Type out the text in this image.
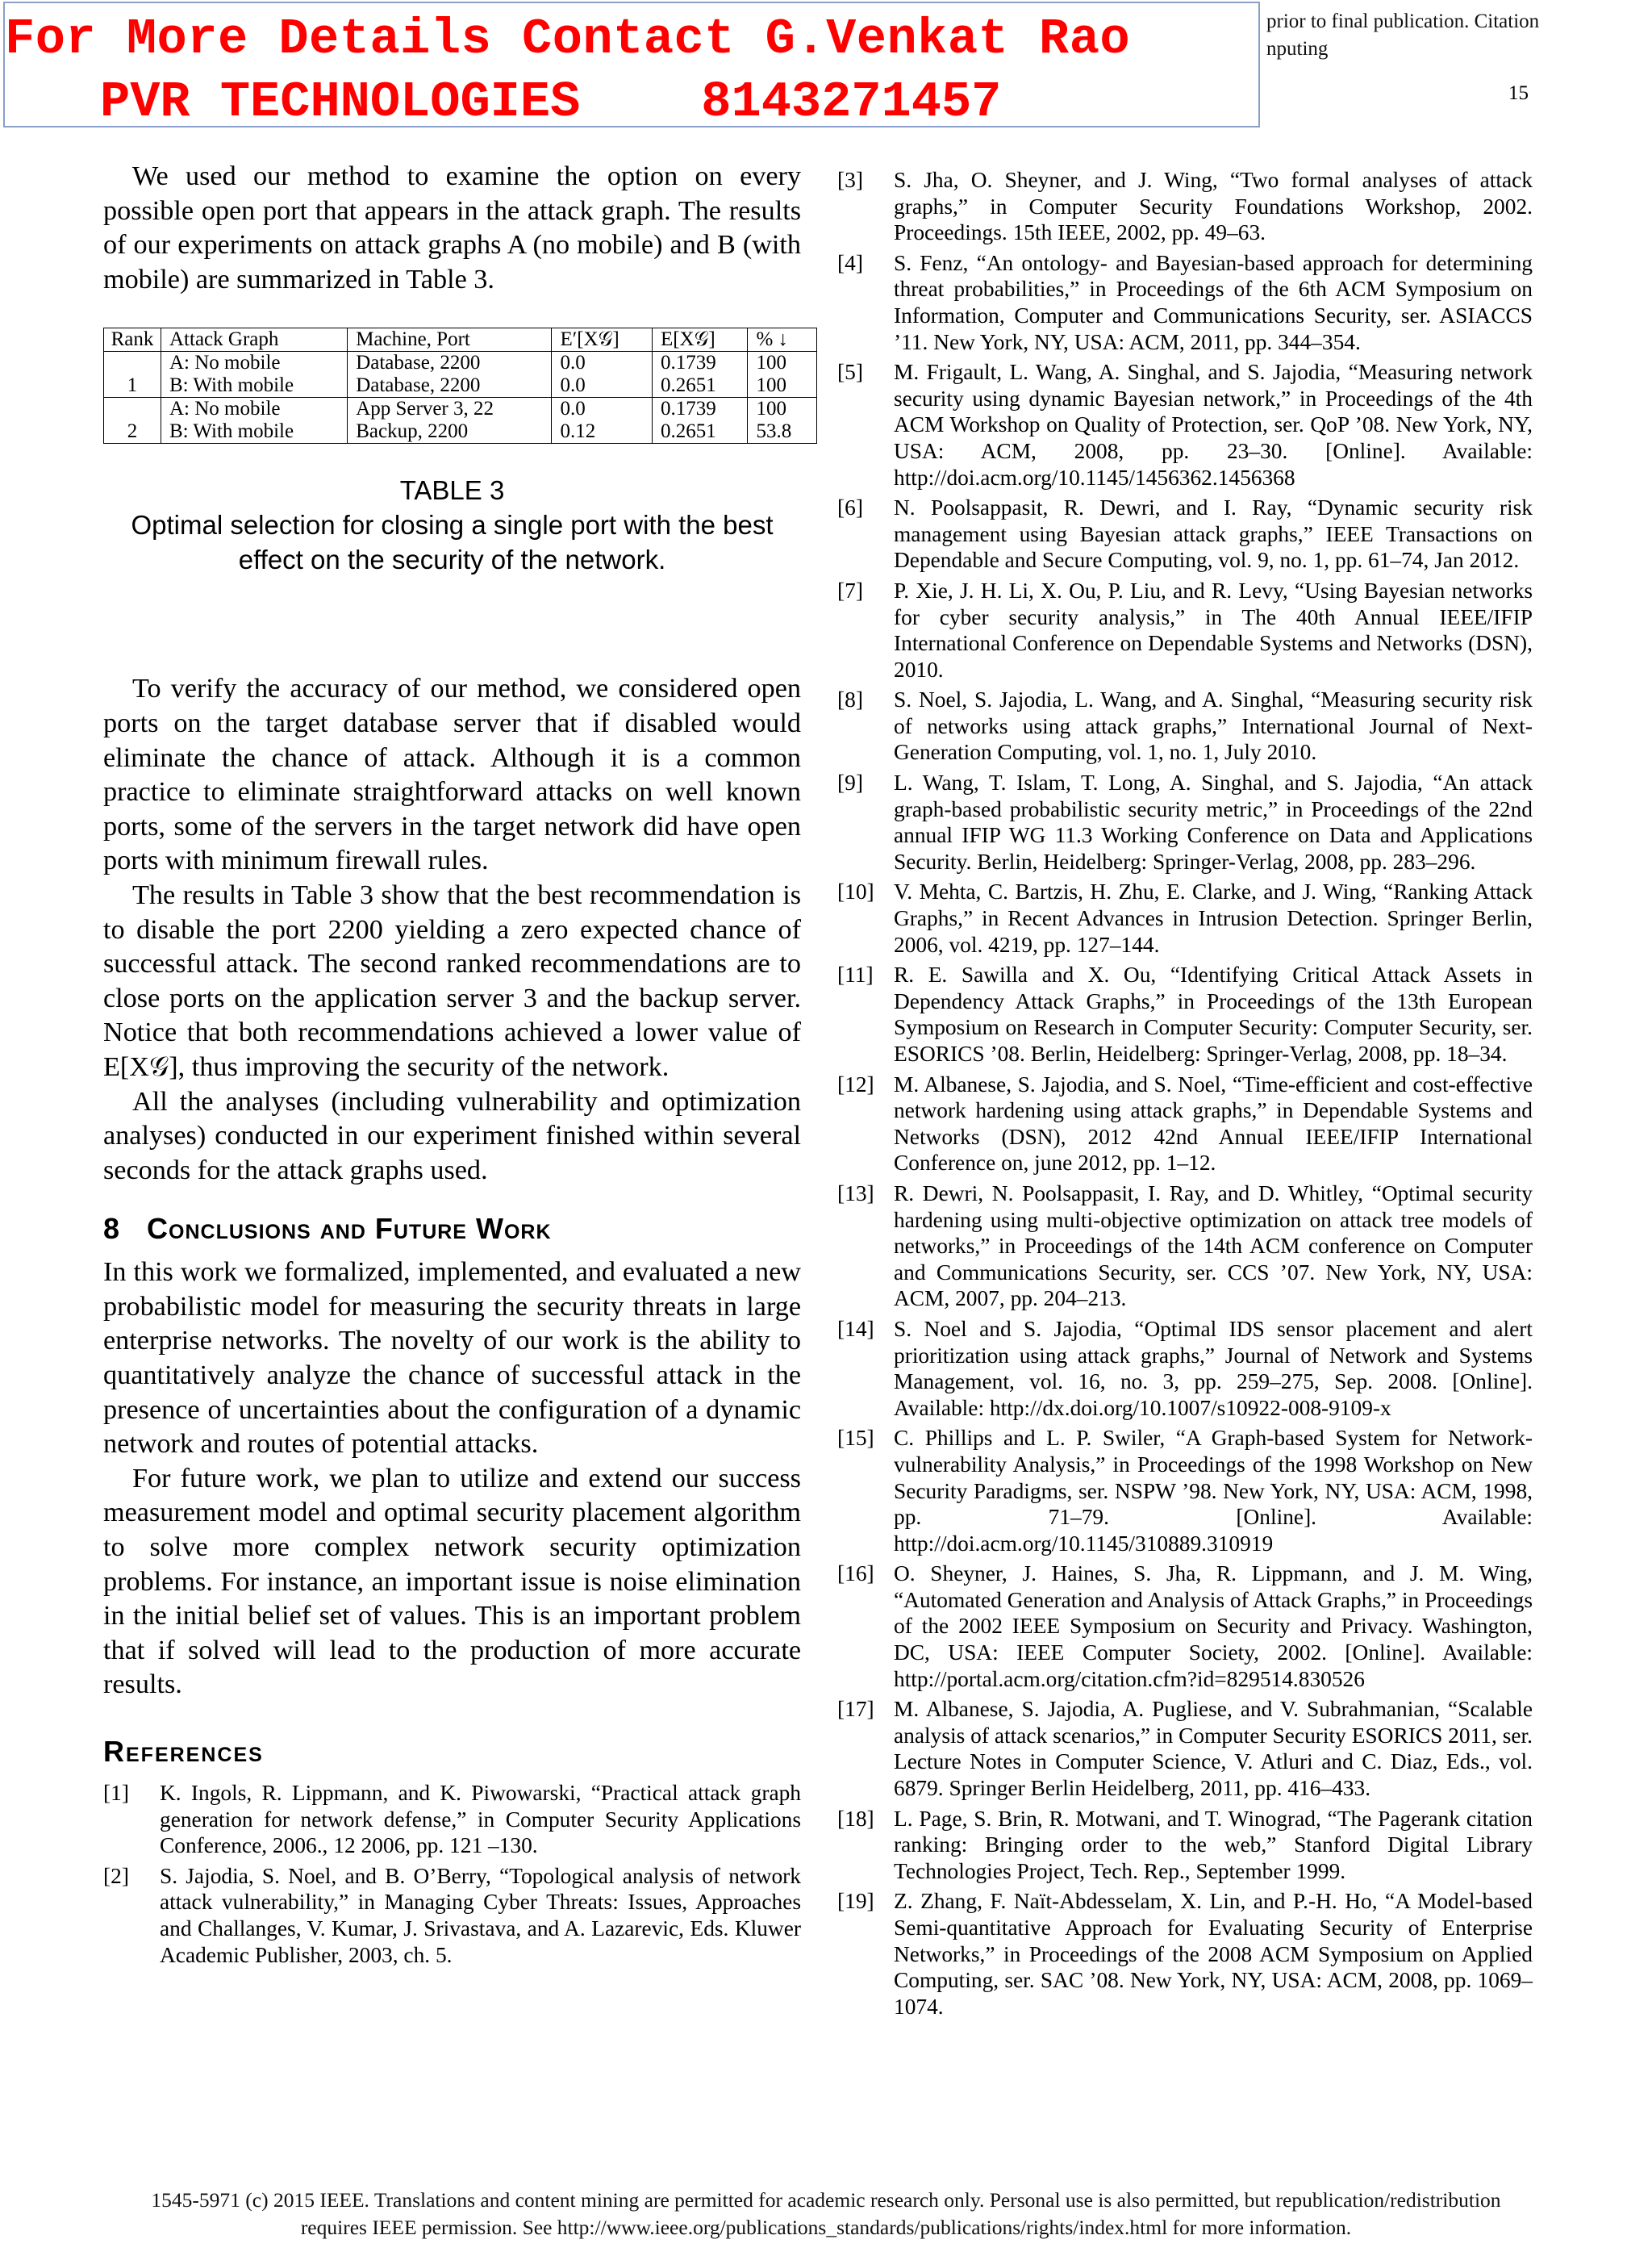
For More Details Contact G.Venkat Rao
PVR TECHNOLOGIES 8143271457
prior to final publication. Citation
nputing
15

We used our method to examine the option on every possible open port that appears in the attack graph. The results of our experiments on attack graphs A (no mobile) and B (with mobile) are summarized in Table 3.

Rank	Attack Graph	Machine, Port	E′[X𝒢]	E[X𝒢]	% ↓
	A: No mobile	Database, 2200	0.0	0.1739	100
1	B: With mobile	Database, 2200	0.0	0.2651	100
	A: No mobile	App Server 3, 22	0.0	0.1739	100
2	B: With mobile	Backup, 2200	0.12	0.2651	53.8
TABLE 3
Optimal selection for closing a single port with the best effect on the security of the network.

To verify the accuracy of our method, we considered open ports on the target database server that if disabled would eliminate the chance of attack. Although it is a common practice to eliminate straightforward attacks on well known ports, some of the servers in the target network did have open ports with minimum firewall rules.

The results in Table 3 show that the best recommendation is to disable the port 2200 yielding a zero expected chance of successful attack. The second ranked recommendations are to close ports on the application server 3 and the backup server. Notice that both recommendations achieved a lower value of E[X𝒢], thus improving the security of the network.

All the analyses (including vulnerability and optimization analyses) conducted in our experiment finished within several seconds for the attack graphs used.

8 Conclusions and Future Work

In this work we formalized, implemented, and evaluated a new probabilistic model for measuring the security threats in large enterprise networks. The novelty of our work is the ability to quantitatively analyze the chance of successful attack in the presence of uncertainties about the configuration of a dynamic network and routes of potential attacks.

For future work, we plan to utilize and extend our success measurement model and optimal security placement algorithm to solve more complex network security optimization problems. For instance, an important issue is noise elimination in the initial belief set of values. This is an important problem that if solved will lead to the production of more accurate results.

References
[1]	K. Ingols, R. Lippmann, and K. Piwowarski, “Practical attack graph generation for network defense,” in Computer Security Applications Conference, 2006., 12 2006, pp. 121 –130.
[2]	S. Jajodia, S. Noel, and B. O’Berry, “Topological analysis of network attack vulnerability,” in Managing Cyber Threats: Issues, Approaches and Challanges, V. Kumar, J. Srivastava, and A. Lazarevic, Eds. Kluwer Academic Publisher, 2003, ch. 5.
[3]	S. Jha, O. Sheyner, and J. Wing, “Two formal analyses of attack graphs,” in Computer Security Foundations Workshop, 2002. Proceedings. 15th IEEE, 2002, pp. 49–63.
[4]	S. Fenz, “An ontology- and Bayesian-based approach for determining threat probabilities,” in Proceedings of the 6th ACM Symposium on Information, Computer and Communications Security, ser. ASIACCS ’11. New York, NY, USA: ACM, 2011, pp. 344–354.
[5]	M. Frigault, L. Wang, A. Singhal, and S. Jajodia, “Measuring network security using dynamic Bayesian network,” in Proceedings of the 4th ACM Workshop on Quality of Protection, ser. QoP ’08. New York, NY, USA: ACM, 2008, pp. 23–30. [Online]. Available: http://doi.acm.org/10.1145/1456362.1456368
[6]	N. Poolsappasit, R. Dewri, and I. Ray, “Dynamic security risk management using Bayesian attack graphs,” IEEE Transactions on Dependable and Secure Computing, vol. 9, no. 1, pp. 61–74, Jan 2012.
[7]	P. Xie, J. H. Li, X. Ou, P. Liu, and R. Levy, “Using Bayesian networks for cyber security analysis,” in The 40th Annual IEEE/IFIP International Conference on Dependable Systems and Networks (DSN), 2010.
[8]	S. Noel, S. Jajodia, L. Wang, and A. Singhal, “Measuring security risk of networks using attack graphs,” International Journal of Next-Generation Computing, vol. 1, no. 1, July 2010.
[9]	L. Wang, T. Islam, T. Long, A. Singhal, and S. Jajodia, “An attack graph-based probabilistic security metric,” in Proceedings of the 22nd annual IFIP WG 11.3 Working Conference on Data and Applications Security. Berlin, Heidelberg: Springer-Verlag, 2008, pp. 283–296.
[10] V. Mehta, C. Bartzis, H. Zhu, E. Clarke, and J. Wing, “Ranking Attack Graphs,” in Recent Advances in Intrusion Detection. Springer Berlin, 2006, vol. 4219, pp. 127–144.
[11] R. E. Sawilla and X. Ou, “Identifying Critical Attack Assets in Dependency Attack Graphs,” in Proceedings of the 13th European Symposium on Research in Computer Security: Computer Security, ser. ESORICS ’08. Berlin, Heidelberg: Springer-Verlag, 2008, pp. 18–34.
[12] M. Albanese, S. Jajodia, and S. Noel, “Time-efficient and cost-effective network hardening using attack graphs,” in Dependable Systems and Networks (DSN), 2012 42nd Annual IEEE/IFIP International Conference on, june 2012, pp. 1–12.
[13] R. Dewri, N. Poolsappasit, I. Ray, and D. Whitley, “Optimal security hardening using multi-objective optimization on attack tree models of networks,” in Proceedings of the 14th ACM conference on Computer and Communications Security, ser. CCS ’07. New York, NY, USA: ACM, 2007, pp. 204–213.
[14] S. Noel and S. Jajodia, “Optimal IDS sensor placement and alert prioritization using attack graphs,” Journal of Network and Systems Management, vol. 16, no. 3, pp. 259–275, Sep. 2008. [Online]. Available: http://dx.doi.org/10.1007/s10922-008-9109-x
[15] C. Phillips and L. P. Swiler, “A Graph-based System for Network-vulnerability Analysis,” in Proceedings of the 1998 Workshop on New Security Paradigms, ser. NSPW ’98. New York, NY, USA: ACM, 1998, pp. 71–79. [Online]. Available: http://doi.acm.org/10.1145/310889.310919
[16] O. Sheyner, J. Haines, S. Jha, R. Lippmann, and J. M. Wing, “Automated Generation and Analysis of Attack Graphs,” in Proceedings of the 2002 IEEE Symposium on Security and Privacy. Washington, DC, USA: IEEE Computer Society, 2002. [Online]. Available: http://portal.acm.org/citation.cfm?id=829514.830526
[17] M. Albanese, S. Jajodia, A. Pugliese, and V. Subrahmanian, “Scalable analysis of attack scenarios,” in Computer Security ESORICS 2011, ser. Lecture Notes in Computer Science, V. Atluri and C. Diaz, Eds., vol. 6879. Springer Berlin Heidelberg, 2011, pp. 416–433.
[18] L. Page, S. Brin, R. Motwani, and T. Winograd, “The Pagerank citation ranking: Bringing order to the web,” Stanford Digital Library Technologies Project, Tech. Rep., September 1999.
[19] Z. Zhang, F. Naït-Abdesselam, X. Lin, and P.-H. Ho, “A Model-based Semi-quantitative Approach for Evaluating Security of Enterprise Networks,” in Proceedings of the 2008 ACM Symposium on Applied Computing, ser. SAC ’08. New York, NY, USA: ACM, 2008, pp. 1069–1074.
1545-5971 (c) 2015 IEEE. Translations and content mining are permitted for academic research only. Personal use is also permitted, but republication/redistribution
requires IEEE permission. See http://www.ieee.org/publications_standards/publications/rights/index.html for more information.
